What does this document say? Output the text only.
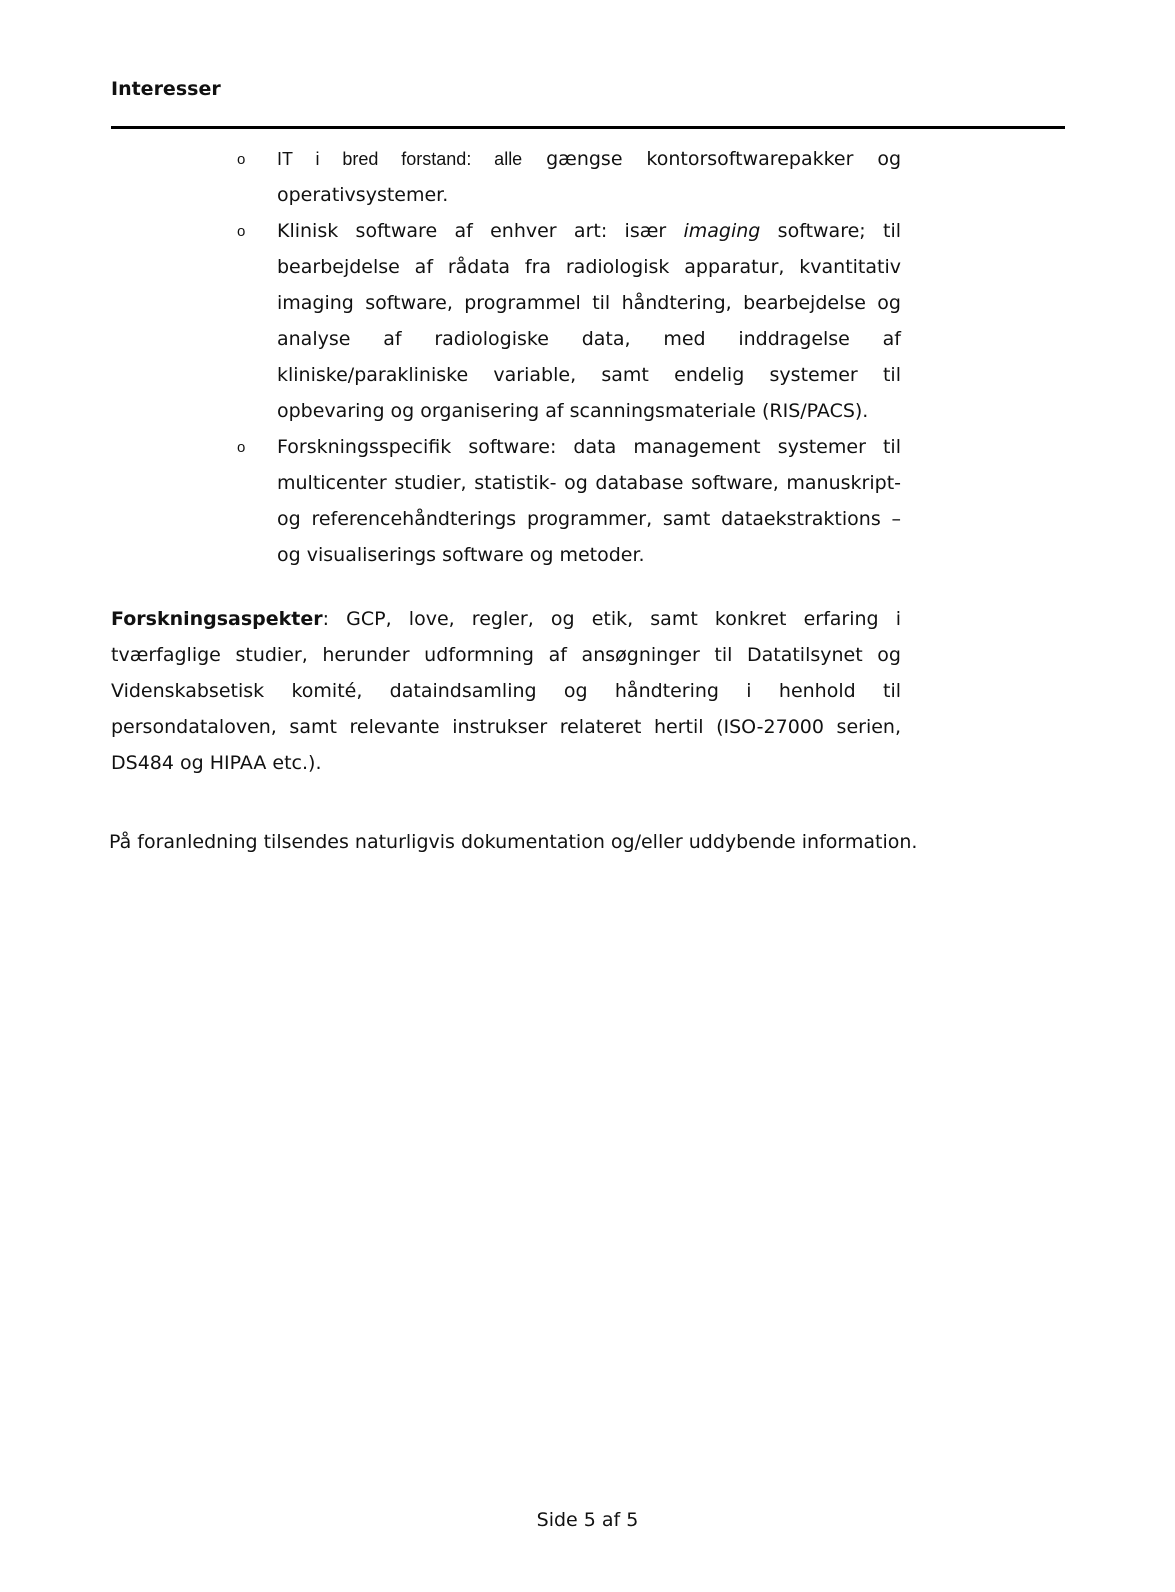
Interesser
o IT i bred forstand: alle gængse kontorsoftwarepakker og operativsystemer.
o Klinisk software af enhver art: især imaging software; til bearbejdelse af rådata fra radiologisk apparatur, kvantitativ imaging software, programmel til håndtering, bearbejdelse og analyse af radiologiske data, med inddragelse af kliniske/parakliniske variable, samt endelig systemer til opbevaring og organisering af scanningsmateriale (RIS/PACS).
o Forskningsspecifik software: data management systemer til multicenter studier, statistik- og database software, manuskript- og referencehåndterings programmer, samt dataekstraktions – og visualiserings software og metoder.

Forskningsaspekter: GCP, love, regler, og etik, samt konkret erfaring i tværfaglige studier, herunder udformning af ansøgninger til Datatilsynet og Videnskabsetisk komité, dataindsamling og håndtering i henhold til persondataloven, samt relevante instrukser relateret hertil (ISO-27000 serien, DS484 og HIPAA etc.).

På foranledning tilsendes naturligvis dokumentation og/eller uddybende information.

Side 5 af 5
